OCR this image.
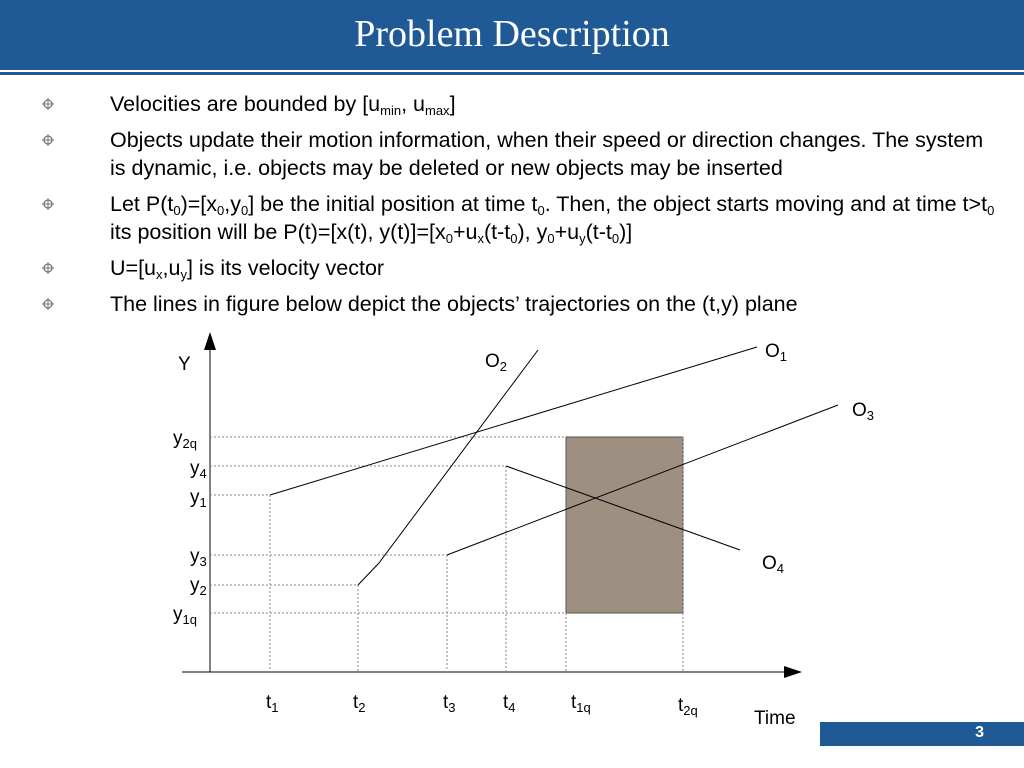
Problem Description
Velocities are bounded by [$u_{min}$, $u_{max}$]
Objects update their motion information, when their speed or direction changes. The system is dynamic, i.e. objects may be deleted or new objects may be inserted
Let $P(t_0)=[x_0,y_0]$ be the initial position at time $t_0$. Then, the object starts moving and at time $t>t_0$ its position will be P(t)=[x(t), $y(t)]=[x_0+u_x(t-t_0)$, $y_0+u_y(t-t_0)$]
$U=[u_x,u_y]$ is its velocity vector
The lines in figure below depict the objects’ trajectories on the (t,y) plane
Y
Time
$y_{2q}$
$y_4$
$y_1$
$y_3$
$y_2$
$y_{1q}$
$t_1$	$t_2$	$t_3$ $t_4$	$t_{1q}$	$t_{2q}$
$O_1$
$O_2$
$O_3$
$O_4$
3
